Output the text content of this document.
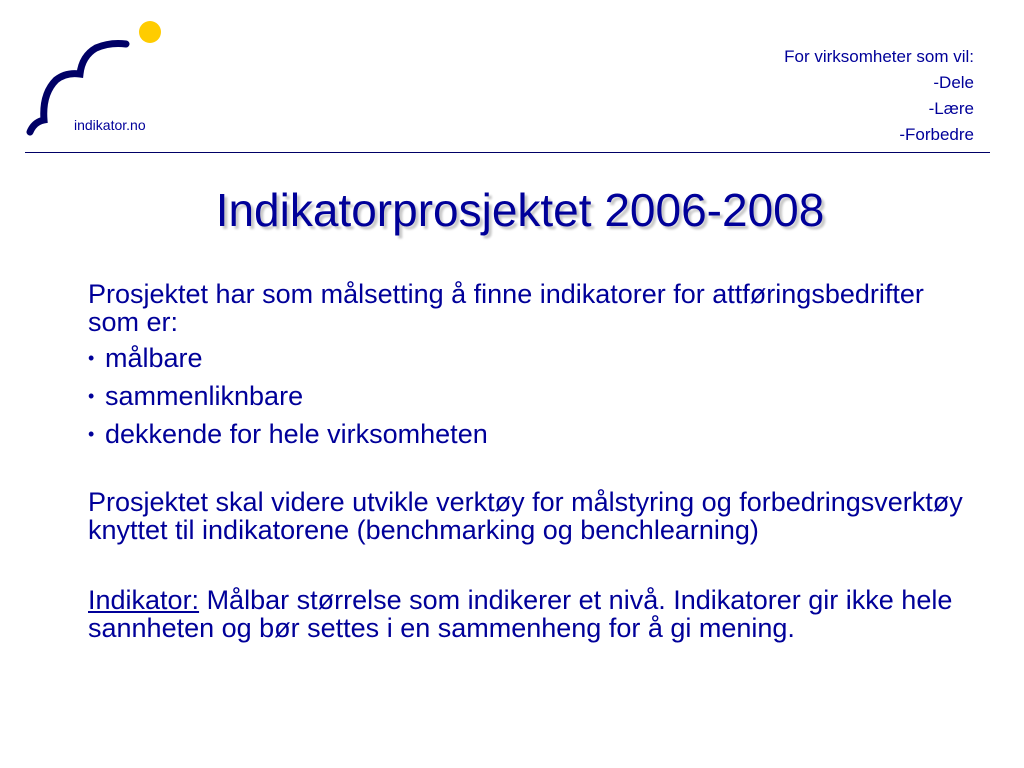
indikator.no
For virksomheter som vil:
-Dele
-Lære
-Forbedre
Indikatorprosjektet 2006-2008

Prosjektet har som målsetting å finne indikatorer for attføringsbedrifter som er:

• målbare
• sammenliknbare
• dekkende for hele virksomheten

Prosjektet skal videre utvikle verktøy for målstyring og forbedringsverktøy knyttet til indikatorene (benchmarking og benchlearning)

Indikator: Målbar størrelse som indikerer et nivå. Indikatorer gir ikke hele sannheten og bør settes i en sammenheng for å gi mening.
